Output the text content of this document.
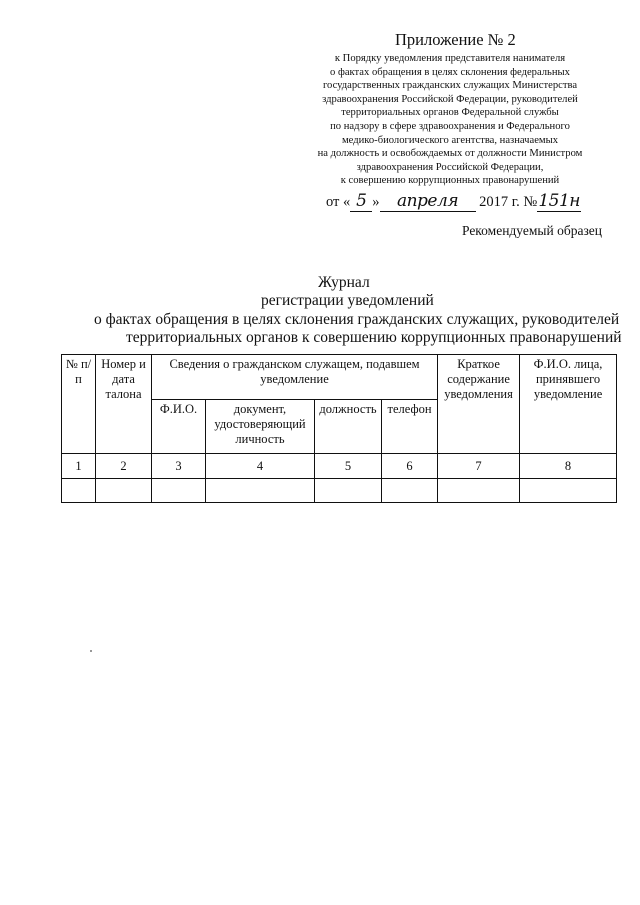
Приложение № 2
к Порядку уведомления представителя нанимателя
о фактах обращения в целях склонения федеральных
государственных гражданских служащих Министерства
здравоохранения Российской Федерации, руководителей
территориальных органов Федеральной службы
по надзору в сфере здравоохранения и Федерального
медико-биологического агентства, назначаемых
на должность и освобождаемых от должности Министром
здравоохранения Российской Федерации,
к совершению коррупционных правонарушений
от « 5 » апреля 2017 г. №151н
Рекомендуемый образец
Журнал
регистрации уведомлений
о фактах обращения в целях склонения гражданских служащих, руководителей
территориальных органов к совершению коррупционных правонарушений
№ п/п	Номер и дата талона	Сведения о гражданском служащем, подавшем уведомление				Краткое содержание уведомления	Ф.И.О. лица, принявшего уведомление
		Ф.И.О.	документ, удостоверяющий личность	должность	телефон		
1	2	3	4	5	6	7	8
